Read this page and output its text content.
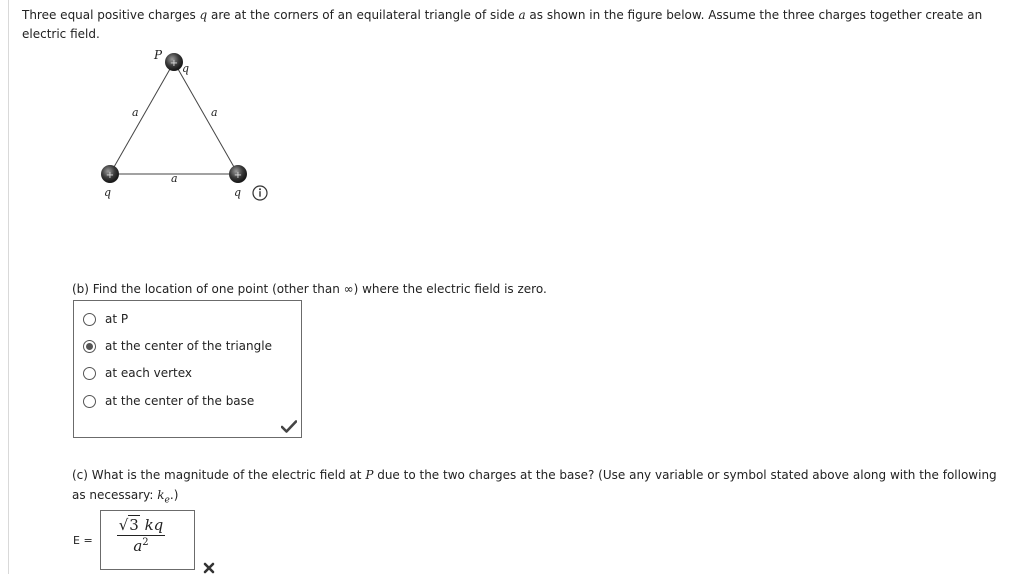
Three equal positive charges q are at the corners of an equilateral triangle of side a as shown in the figure below. Assume the three charges together create an electric field.
+
+	+
P
q
a	a
a
q	q
(b) Find the location of one point (other than ∞) where the electric field is zero.
at P
at the center of the triangle
at each vertex
at the center of the base
(c) What is the magnitude of the electric field at P due to the two charges at the base? (Use any variable or symbol stated above along with the following as necessary: $k_e$.)
$E = \frac{√3 kq}{a^2}$
